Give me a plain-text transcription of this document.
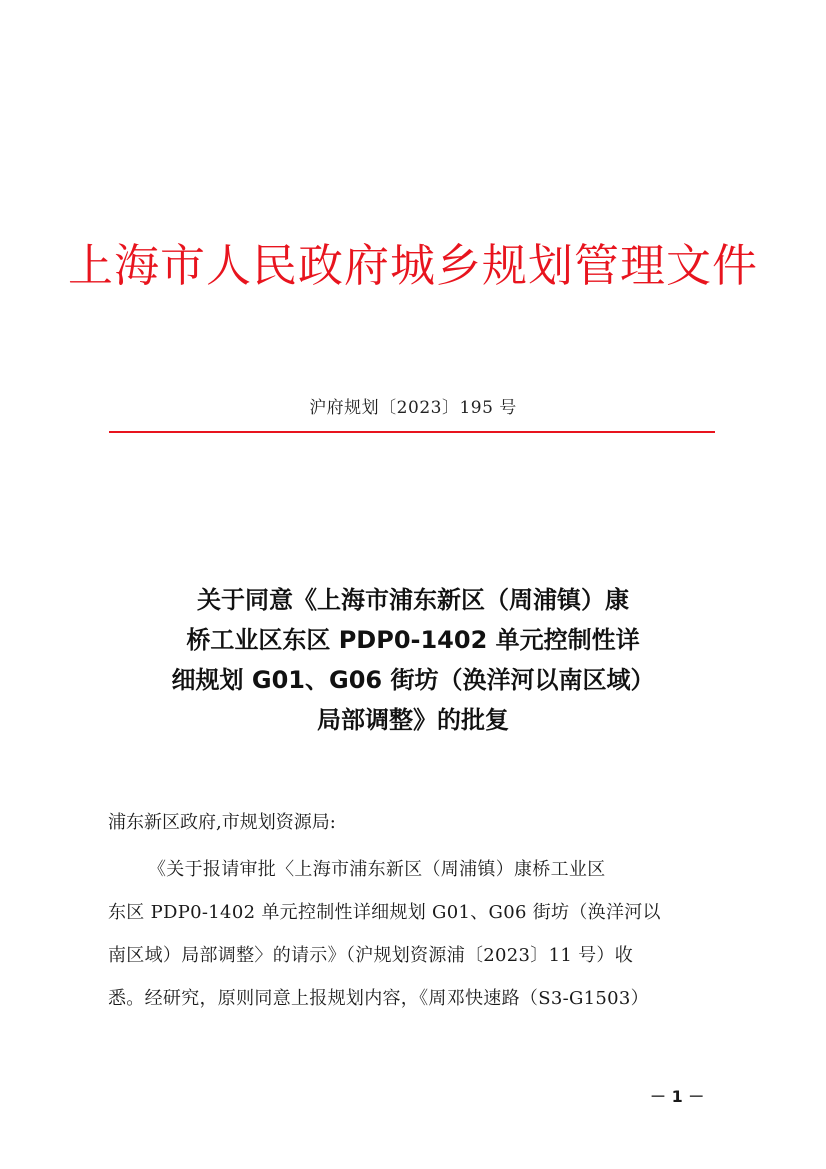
上海市人民政府城乡规划管理文件
沪府规划〔2023〕195 号
关于同意《上海市浦东新区（周浦镇）康
桥工业区东区 PDP0-1402 单元控制性详
细规划 G01、G06 街坊（涣洋河以南区域）
局部调整》的批复
浦东新区政府,市规划资源局:
《关于报请审批〈上海市浦东新区（周浦镇）康桥工业区
东区 PDP0-1402 单元控制性详细规划 G01、G06 街坊（涣洋河以
南区域）局部调整〉的请示》（沪规划资源浦〔2023〕11 号）收
悉。经研究，原则同意上报规划内容，《周邓快速路（S3-G1503）
－ 1 －
